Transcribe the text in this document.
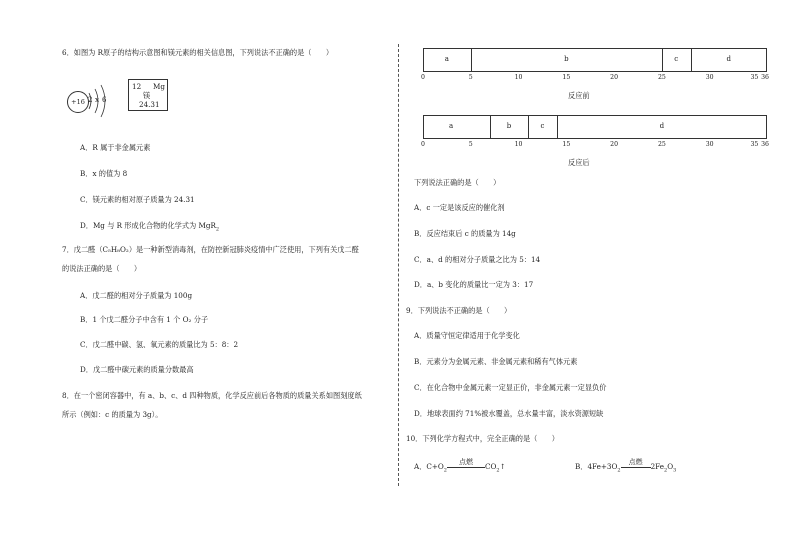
6．如图为 R原子的结构示意图和镁元素的相关信息图，下列说法不正确的是（　　）
+16 2 x 6
12 Mg
镁
24.31
A．R 属于非金属元素
B．x 的值为 8
C．镁元素的相对原子质量为 24.31
D．Mg 与 R 形成化合物的化学式为 MgR$_2$
7．戊二醛（C₅H₈O₂）是一种新型消毒剂，在防控新冠肺炎疫情中广泛使用，下列有关戊二醛
的说法正确的是（　　）
A．戊二醛的相对分子质量为 100g
B．1 个戊二醛分子中含有 1 个 O₂ 分子
C．戊二醛中碳、氢、氧元素的质量比为 5：8：2
D．戊二醛中碳元素的质量分数最高
8．在一个密闭容器中，有 a、b、c、d 四种物质，化学反应前后各物质的质量关系如图刻度纸
所示（例如：c 的质量为 3g）。
a	b	c	d
0	5	10	15	20	25	30	35 36
反应前
a	b	c	d
0	5	10	15	20	25	30	35 36
反应后
下列说法正确的是（　　）
A．c 一定是该反应的催化剂
B．反应结束后 c 的质量为 14g
C．a、d 的相对分子质量之比为 5：14
D．a、b 变化的质量比一定为 3：17
9．下列说法不正确的是（　　）
A．质量守恒定律适用于化学变化
B．元素分为金属元素、非金属元素和稀有气体元素
C．在化合物中金属元素一定显正价，非金属元素一定显负价
D．地球表面约 71%被水覆盖，总水量丰富，淡水资源短缺
10．下列化学方程式中，完全正确的是（　　）
A．$C+O_2$
点燃	$CO_2↑$	B．$4Fe+3O_2$
点燃	$2Fe_2O_3$
